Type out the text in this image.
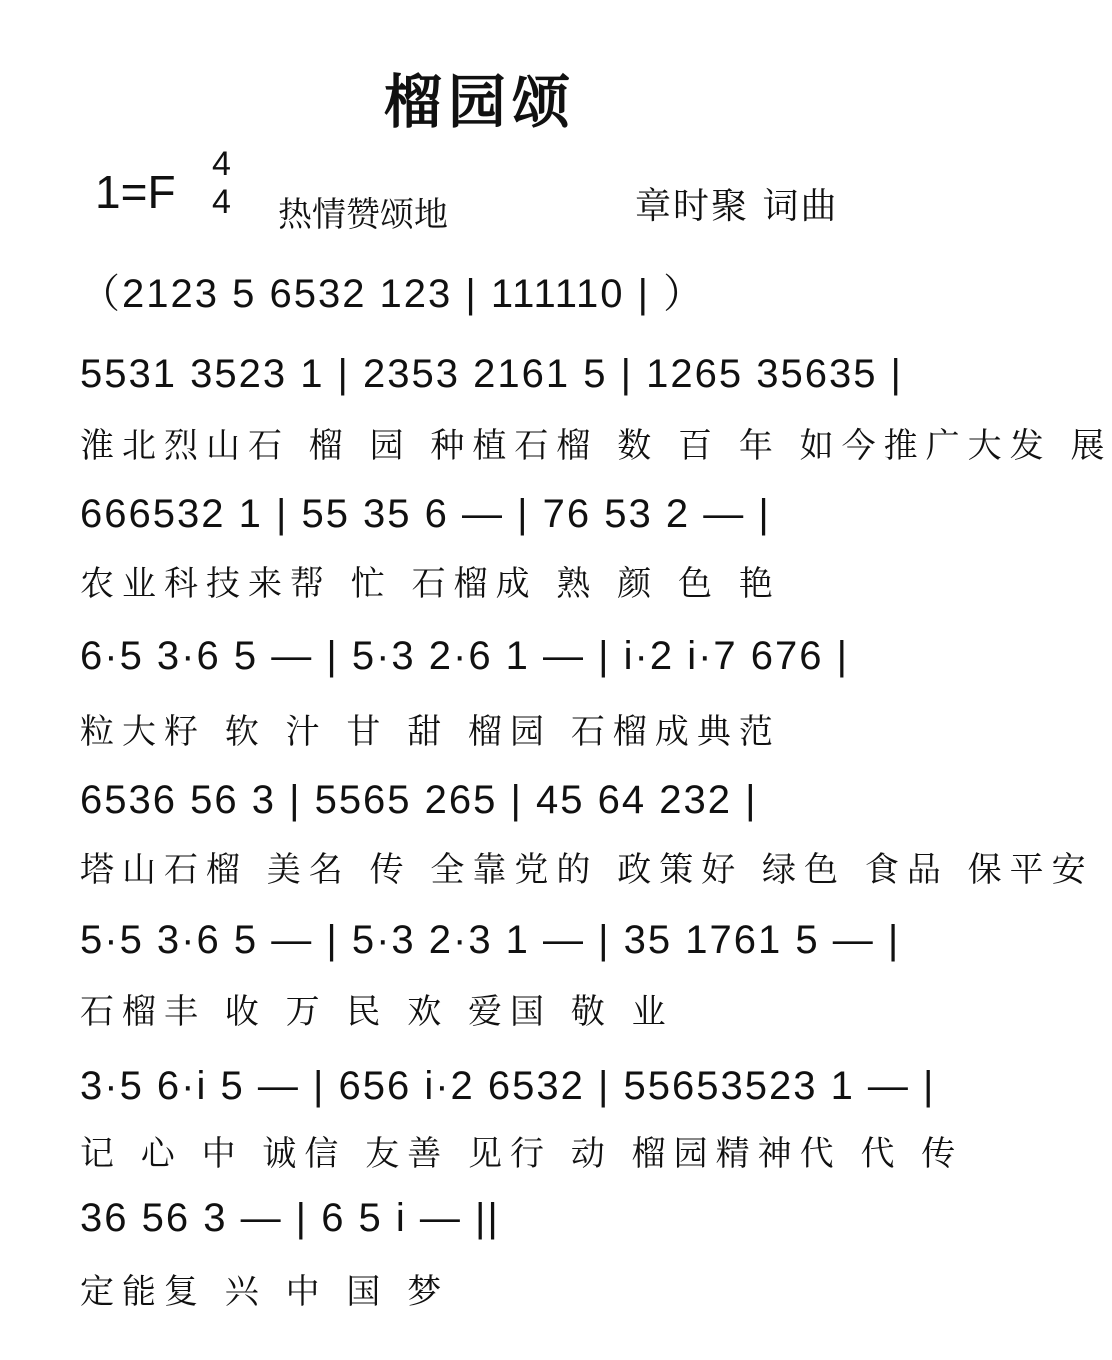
榴园颂
1=F
4
4 热情赞颂地	章时聚 词曲
（2123 5 6532 123 | 111110 | ）
5531 3523 1 | 2353 2161 5 | 1265 35635 |
淮北烈山石 榴 园 种植石榴 数 百 年 如今推广大发 展
666532 1 | 55 35 6 — | 76 53 2 — |
农业科技来帮 忙 石榴成 熟 颜 色 艳
6·5 3·6 5 — | 5·3 2·6 1 — | i·2 i·7 676 |
粒大籽 软 汁 甘 甜 榴园 石榴成典范
6536 56 3 | 5565 265 | 45 64 232 |
塔山石榴 美名 传 全靠党的 政策好 绿色 食品 保平安
5·5 3·6 5 — | 5·3 2·3 1 — | 35 1761 5 — |
石榴丰 收 万 民 欢 爱国 敬 业
3·5 6·i 5 — | 656 i·2 6532 | 55653523 1 — |
记 心 中 诚信 友善 见行 动 榴园精神代 代 传
36 56 3 — | 6 5 i — ||
定能复 兴 中 国 梦
